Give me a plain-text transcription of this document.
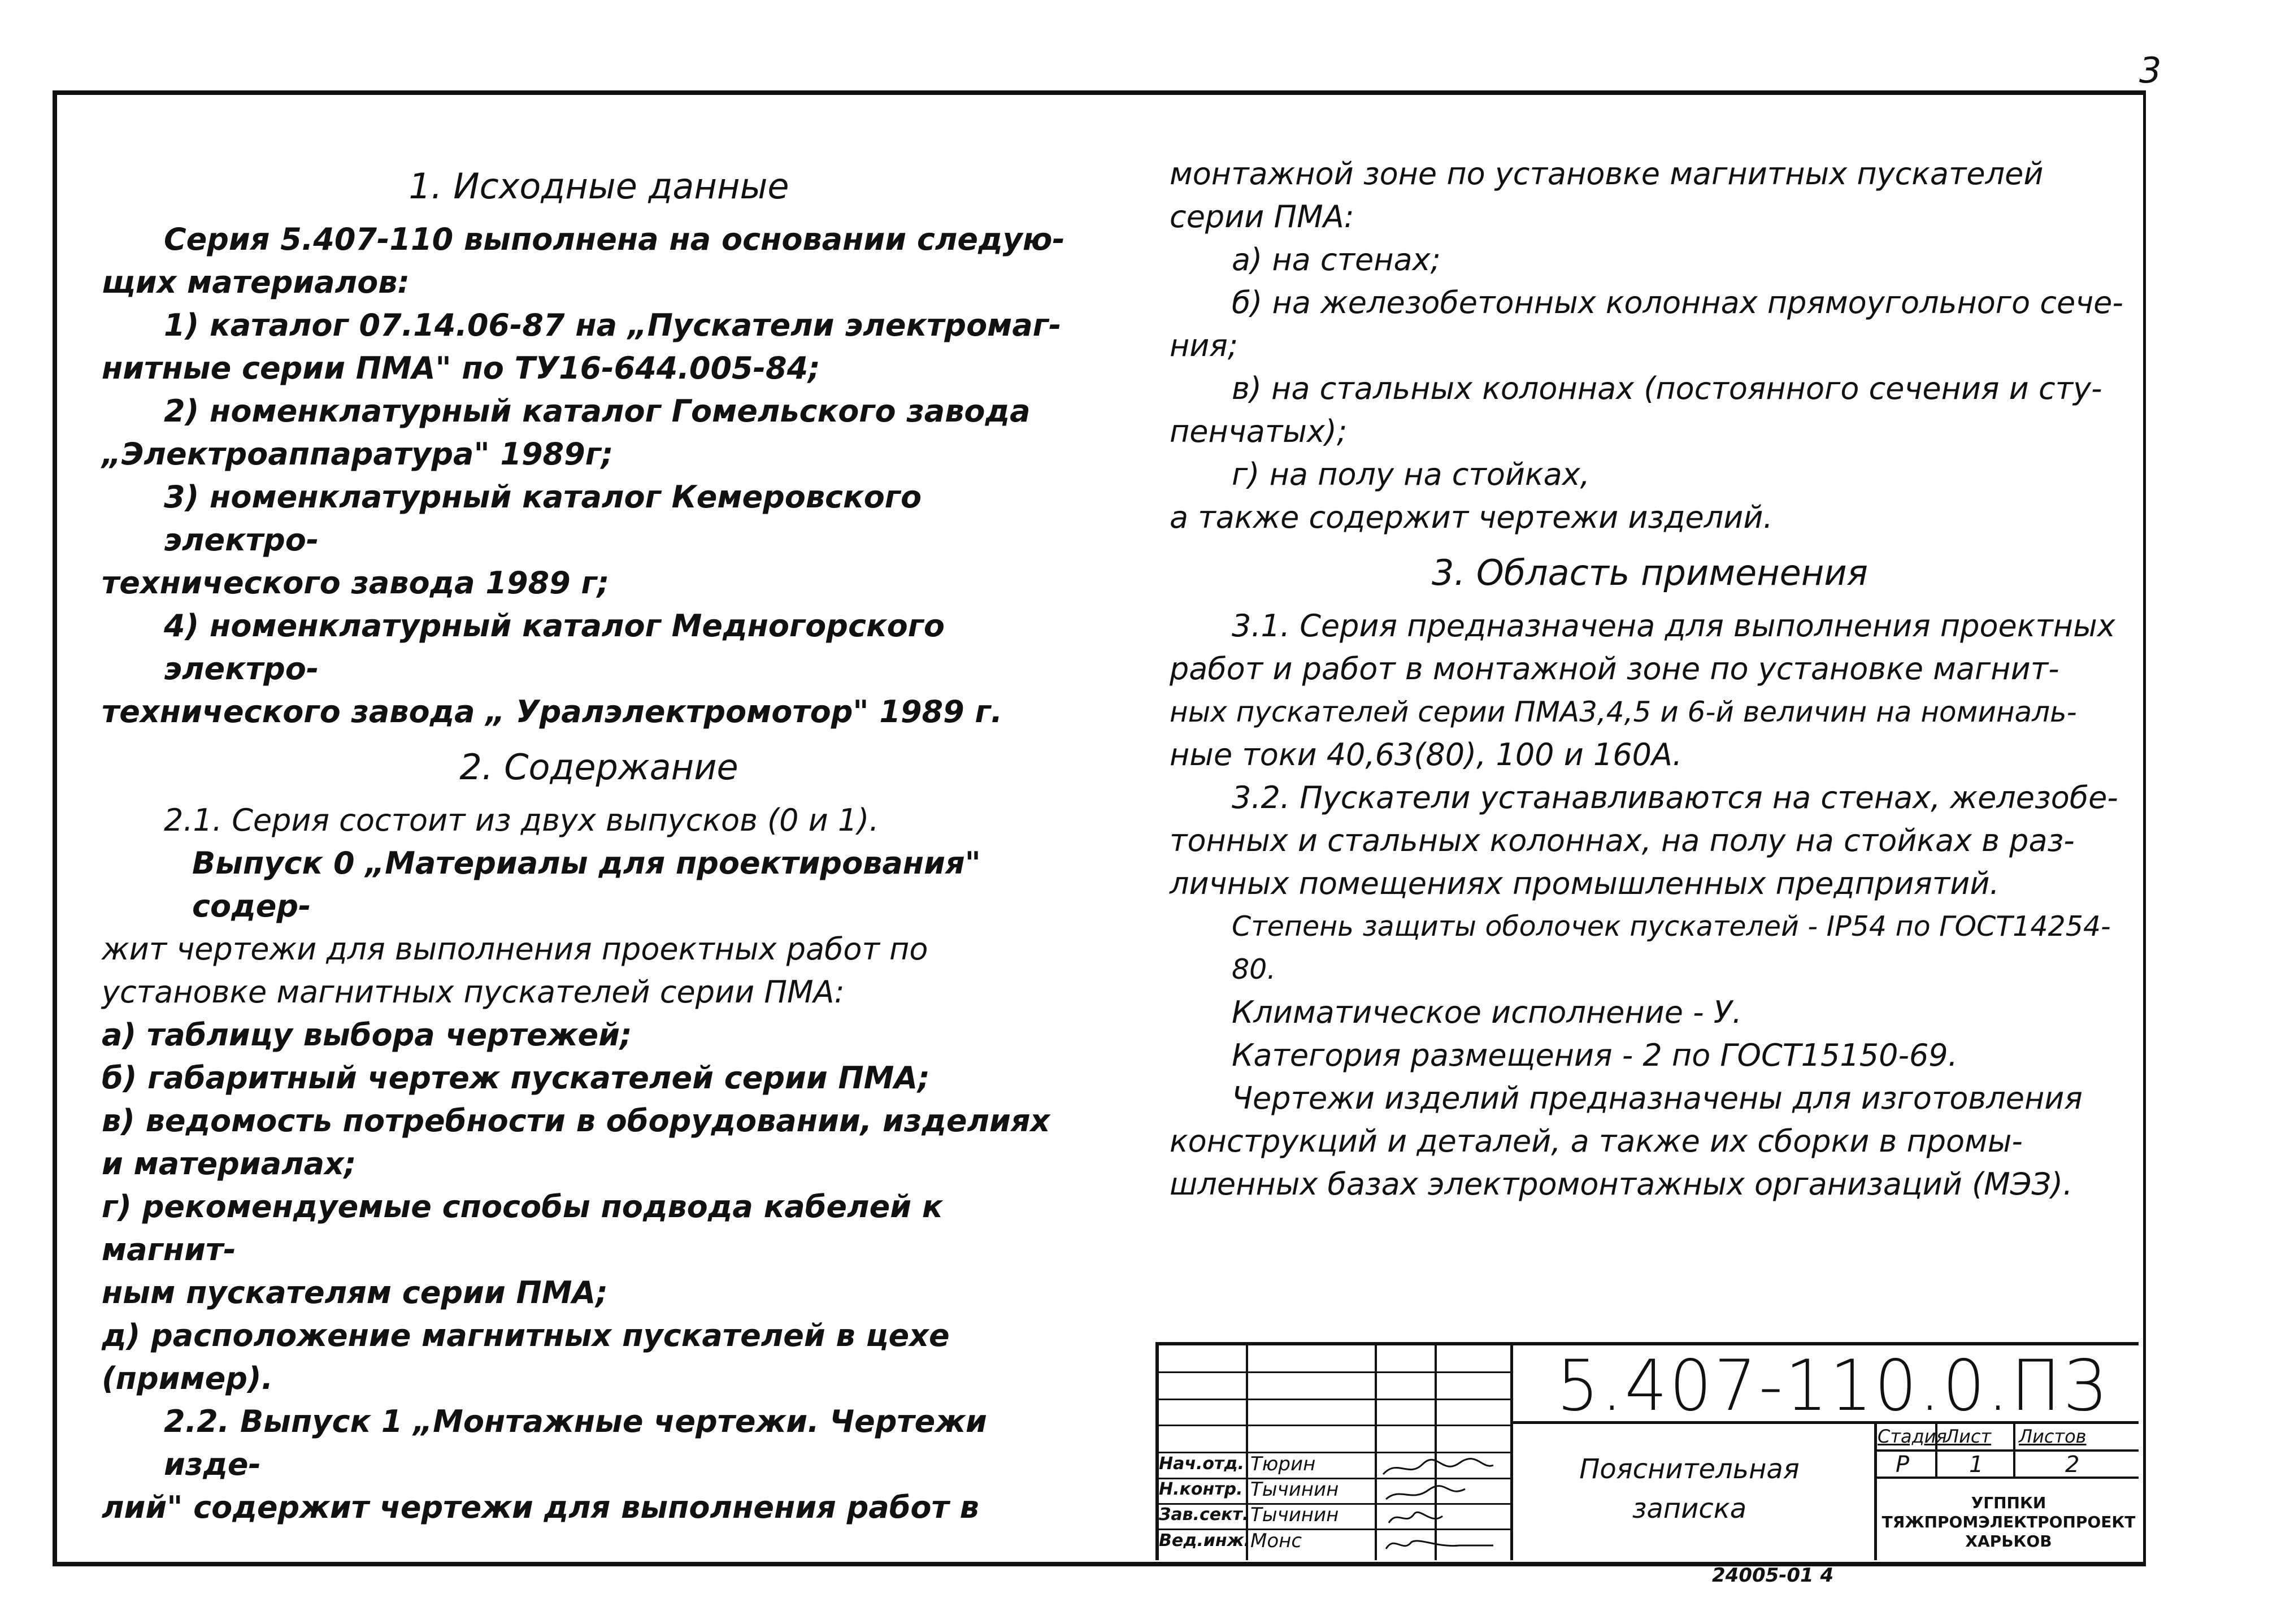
3

1. Исходные данные

Серия 5.407-110 выполнена на основании следую-

щих материалов:

1) каталог 07.14.06-87 на „Пускатели электромаг-

нитные серии ПМА" по ТУ16-644.005-84;

2) номенклатурный каталог Гомельского завода

„Электроаппаратура" 1989г;

3) номенклатурный каталог Кемеровского электро-

технического завода 1989 г;

4) номенклатурный каталог Медногорского электро-

технического завода „ Уралэлектромотор" 1989 г.

2. Содержание

2.1. Серия состоит из двух выпусков (0 и 1).

Выпуск 0 „Материалы для проектирования" содер-

жит чертежи для выполнения проектных работ по

установке магнитных пускателей серии ПМА:

а) таблицу выбора чертежей;

б) габаритный чертеж пускателей серии ПМА;

в) ведомость потребности в оборудовании, изделиях

и материалах;

г) рекомендуемые способы подвода кабелей к магнит-

ным пускателям серии ПМА;

д) расположение магнитных пускателей в цехе

(пример).

2.2. Выпуск 1 „Монтажные чертежи. Чертежи изде-

лий" содержит чертежи для выполнения работ в

монтажной зоне по установке магнитных пускателей

серии ПМА:

а) на стенах;

б) на железобетонных колоннах прямоугольного сече-

ния;

в) на стальных колоннах (постоянного сечения и сту-

пенчатых);

г) на полу на стойках,

а также содержит чертежи изделий.

3. Область применения

3.1. Серия предназначена для выполнения проектных

работ и работ в монтажной зоне по установке магнит-

ных пускателей серии ПМА3,4,5 и 6-й величин на номиналь-

ные токи 40,63(80), 100 и 160А.

3.2. Пускатели устанавливаются на стенах, железобе-

тонных и стальных колоннах, на полу на стойках в раз-

личных помещениях промышленных предприятий.

Степень защиты оболочек пускателей - IP54 по ГОСТ14254-80.

Климатическое исполнение - У.

Категория размещения - 2 по ГОСТ15150-69.

Чертежи изделий предназначены для изготовления

конструкций и деталей, а также их сборки в промы-

шленных базах электромонтажных организаций (МЭЗ).

5.407-110.0.ПЗ
Нач.отд.
Н.контр.
Зав.сект.
Вед.инж.
Тюрин
Тычинин
Тычинин
Монс
Пояснительная
записка
Стадия
Лист Листов
Р	1	2
УГППКИ
ТЯЖПРОМЭЛЕКТРОПРОЕКТ
ХАРЬКОВ
24005-01 4
